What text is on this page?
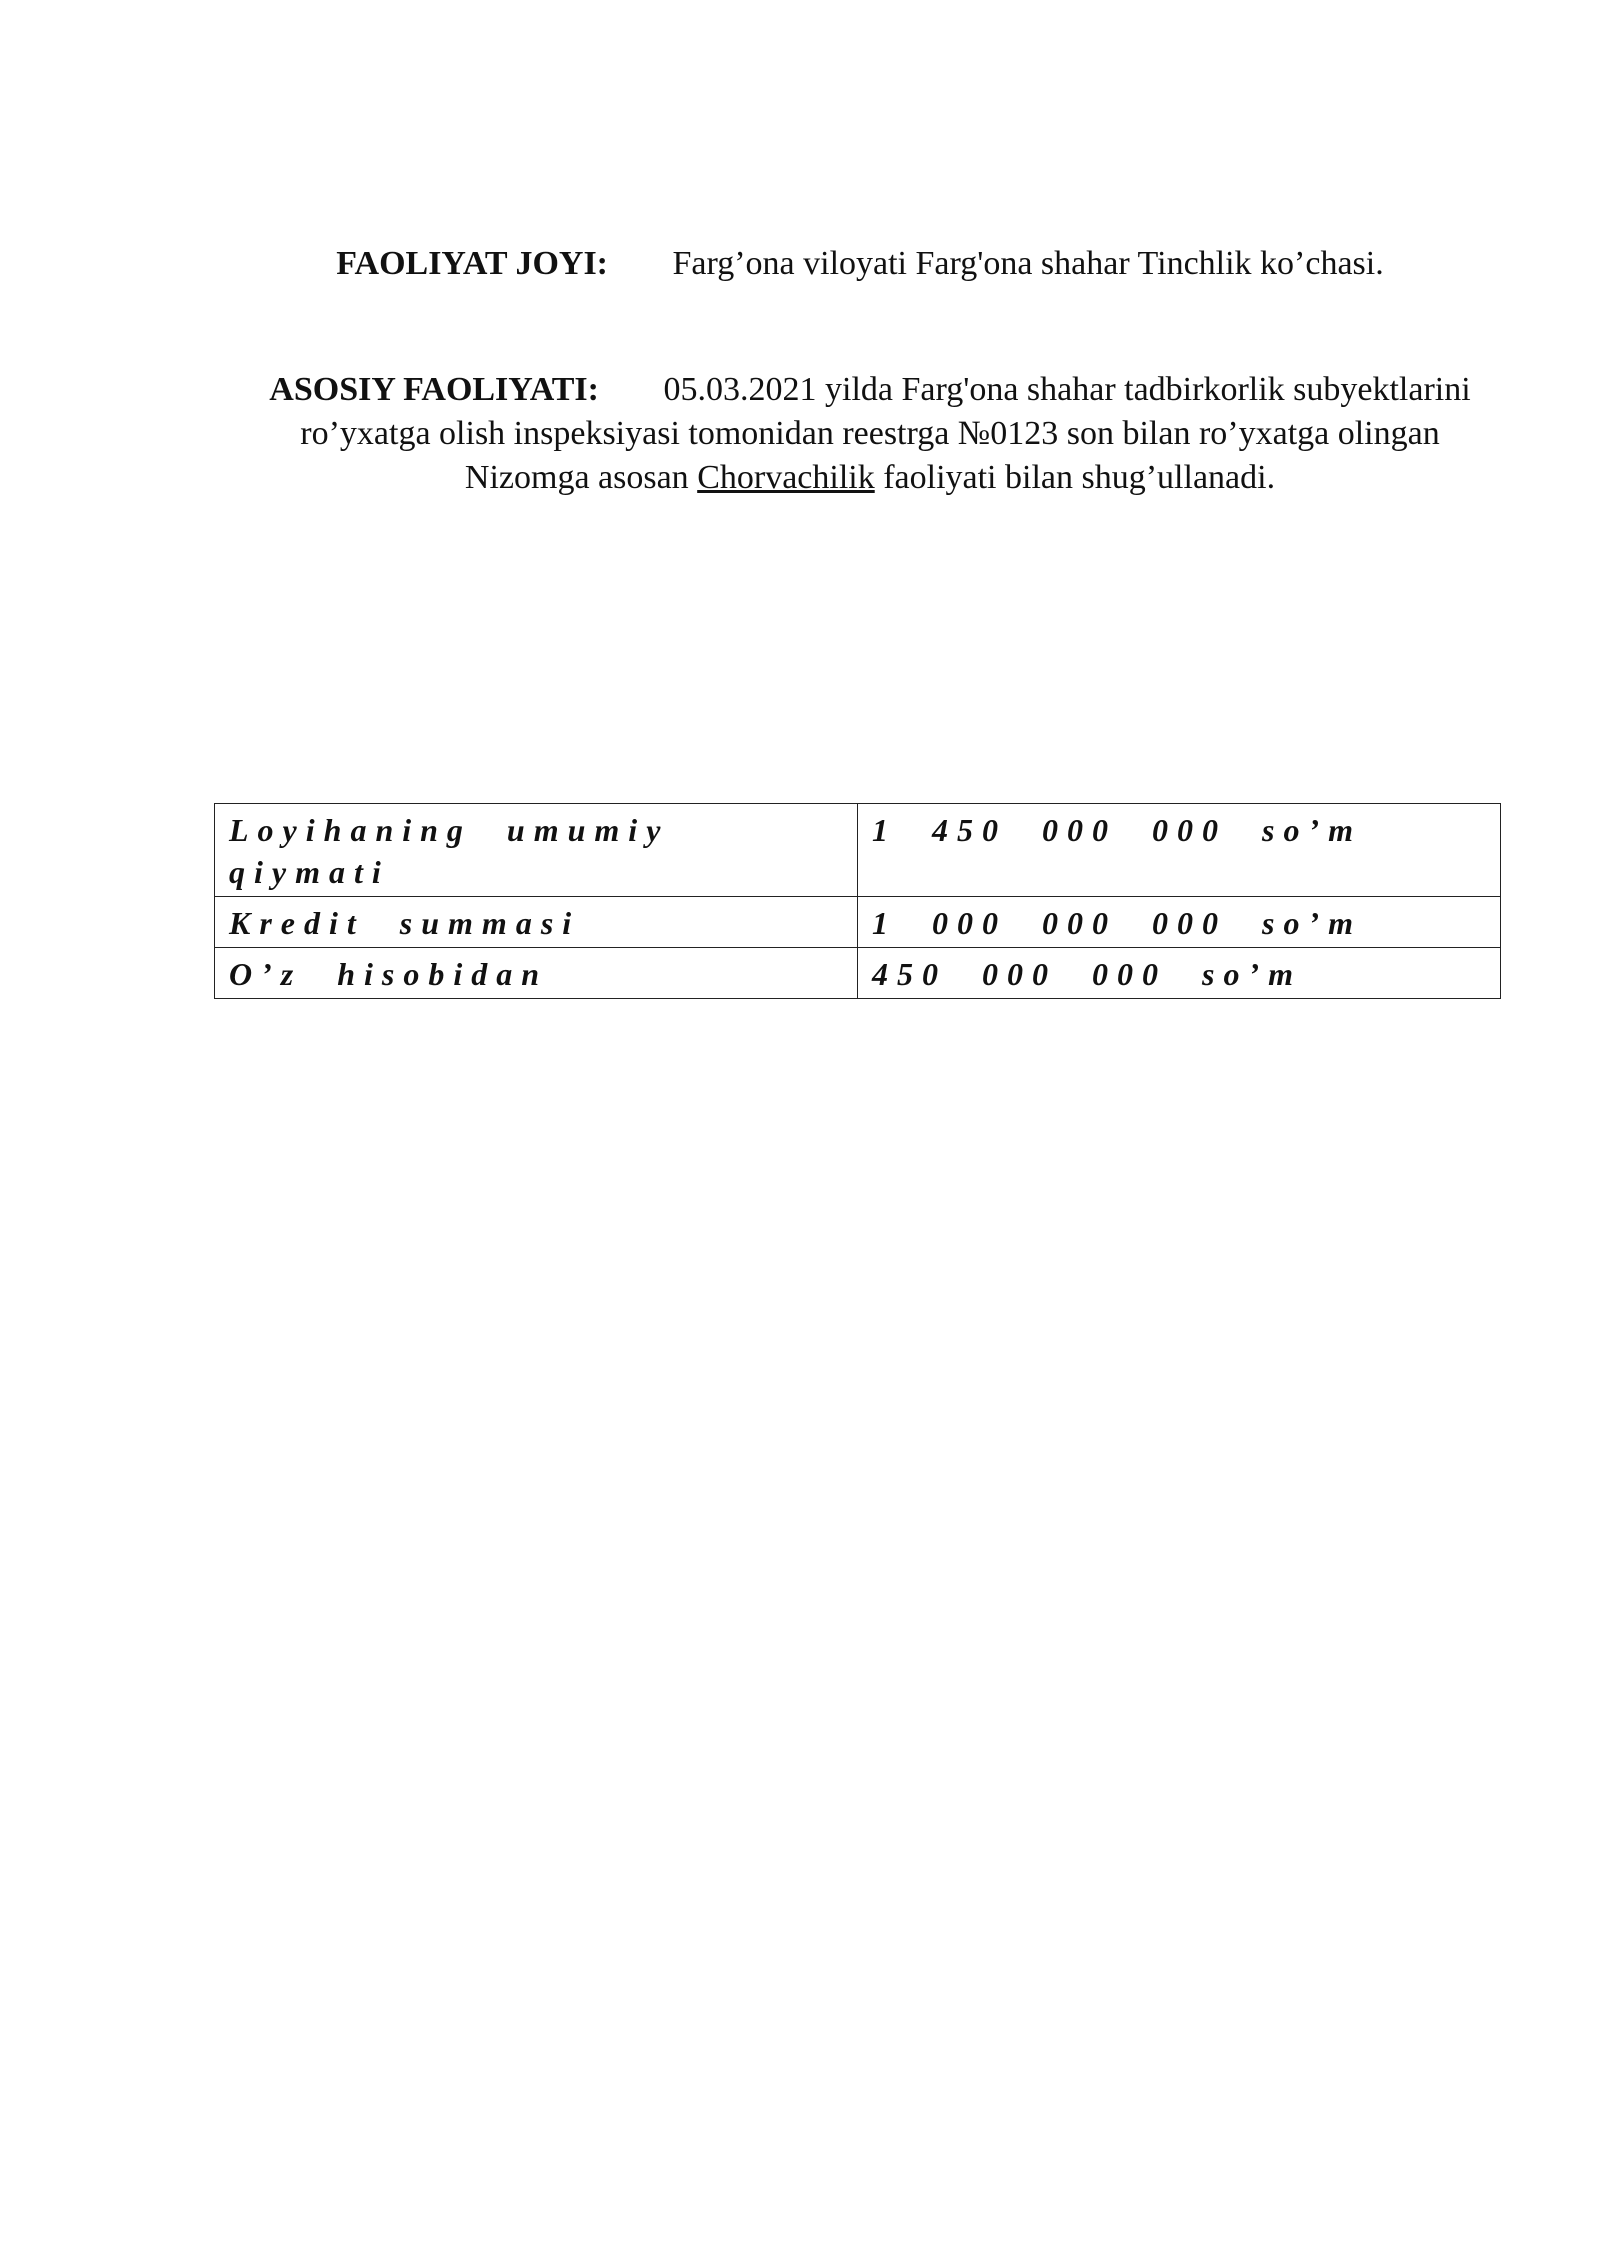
FAOLIYAT JOYI: Farg’ona viloyati Farg'ona shahar Tinchlik ko’chasi.
ASOSIY FAOLIYATI: 05.03.2021 yilda Farg'ona shahar tadbirkorlik subyektlarini ro’yxatga olish inspeksiyasi tomonidan reestrga №0123 son bilan ro’yxatga olingan Nizomga asosan Chorvachilik faoliyati bilan shug’ullanadi.
Loyihaning umumiy qiymati	1 450 000 000 so’m
Kredit summasi	1 000 000 000 so’m
O’z hisobidan	450 000 000 so’m
